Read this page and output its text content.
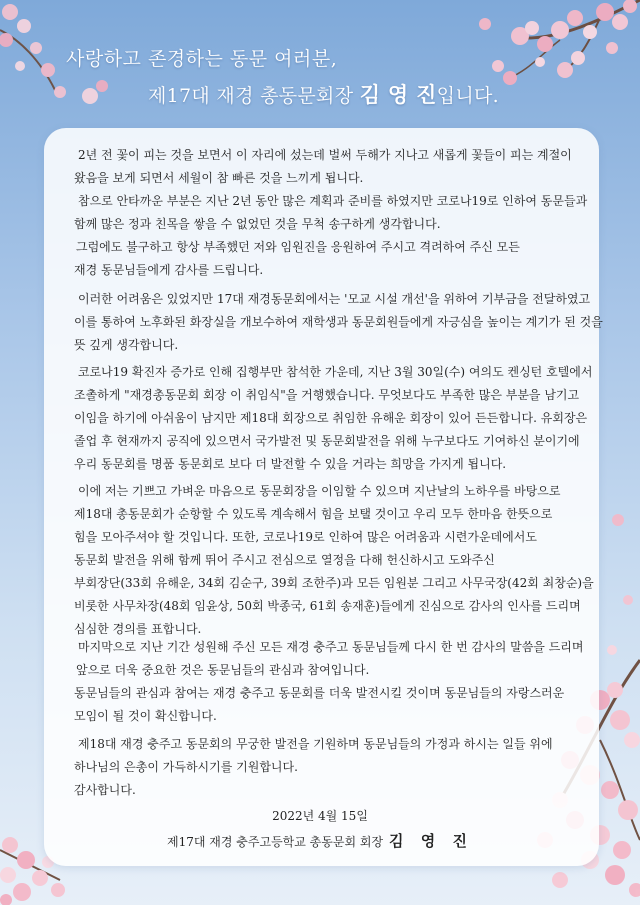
사랑하고 존경하는 동문 여러분,
제17대 재경 총동문회장 김 영 진입니다.
2년 전 꽃이 피는 것을 보면서 이 자리에 섰는데 벌써 두해가 지나고 새롭게 꽃들이 피는 계절이
왔음을 보게 되면서 세월이 참 빠른 것을 느끼게 됩니다.
참으로 안타까운 부분은 지난 2년 동안 많은 계획과 준비를 하였지만 코로나19로 인하여 동문들과
함께 많은 정과 친목을 쌓을 수 없었던 것을 무척 송구하게 생각합니다.
그럼에도 불구하고 항상 부족했던 저와 임원진을 응원하여 주시고 격려하여 주신 모든
재경 동문님들에게 감사를 드립니다.
이러한 어려움은 있었지만 17대 재경동문회에서는 '모교 시설 개선'을 위하여 기부금을 전달하였고
이를 통하여 노후화된 화장실을 개보수하여 재학생과 동문회원들에게 자긍심을 높이는 계기가 된 것을
뜻 깊게 생각합니다.
코로나19 확진자 증가로 인해 집행부만 참석한 가운데, 지난 3월 30일(수) 여의도 켄싱턴 호텔에서
조촐하게 "재경총동문회 회장 이 취임식"을 거행했습니다. 무엇보다도 부족한 많은 부분을 남기고
이임을 하기에 아쉬움이 남지만 제18대 회장으로 취임한 유해운 회장이 있어 든든합니다. 유회장은
졸업 후 현재까지 공직에 있으면서 국가발전 및 동문회발전을 위해 누구보다도 기여하신 분이기에
우리 동문회를 명품 동문회로 보다 더 발전할 수 있을 거라는 희망을 가지게 됩니다.
이에 저는 기쁘고 가벼운 마음으로 동문회장을 이임할 수 있으며 지난날의 노하우를 바탕으로
제18대 총동문회가 순항할 수 있도록 계속해서 힘을 보탤 것이고 우리 모두 한마음 한뜻으로
힘을 모아주셔야 할 것입니다. 또한, 코로나19로 인하여 많은 어려움과 시련가운데에서도
동문회 발전을 위해 함께 뛰어 주시고 전심으로 열정을 다해 헌신하시고 도와주신
부회장단(33회 유해운, 34회 김순구, 39회 조한주)과 모든 임원분 그리고 사무국장(42회 최창순)을
비롯한 사무차장(48회 임윤상, 50회 박종국, 61회 송재훈)들에게 진심으로 감사의 인사를 드리며
심심한 경의를 표합니다.
마지막으로 지난 기간 성원해 주신 모든 재경 충주고 동문님들께 다시 한 번 감사의 말씀을 드리며
앞으로 더욱 중요한 것은 동문님들의 관심과 참여입니다.
동문님들의 관심과 참여는 재경 충주고 동문회를 더욱 발전시킬 것이며 동문님들의 자랑스러운
모임이 될 것이 확신합니다.
제18대 재경 충주고 동문회의 무궁한 발전을 기원하며 동문님들의 가정과 하시는 일들 위에
하나님의 은총이 가득하시기를 기원합니다.
감사합니다.
2022년 4월 15일
제17대 재경 충주고등학교 총동문회 회장 김 영 진
